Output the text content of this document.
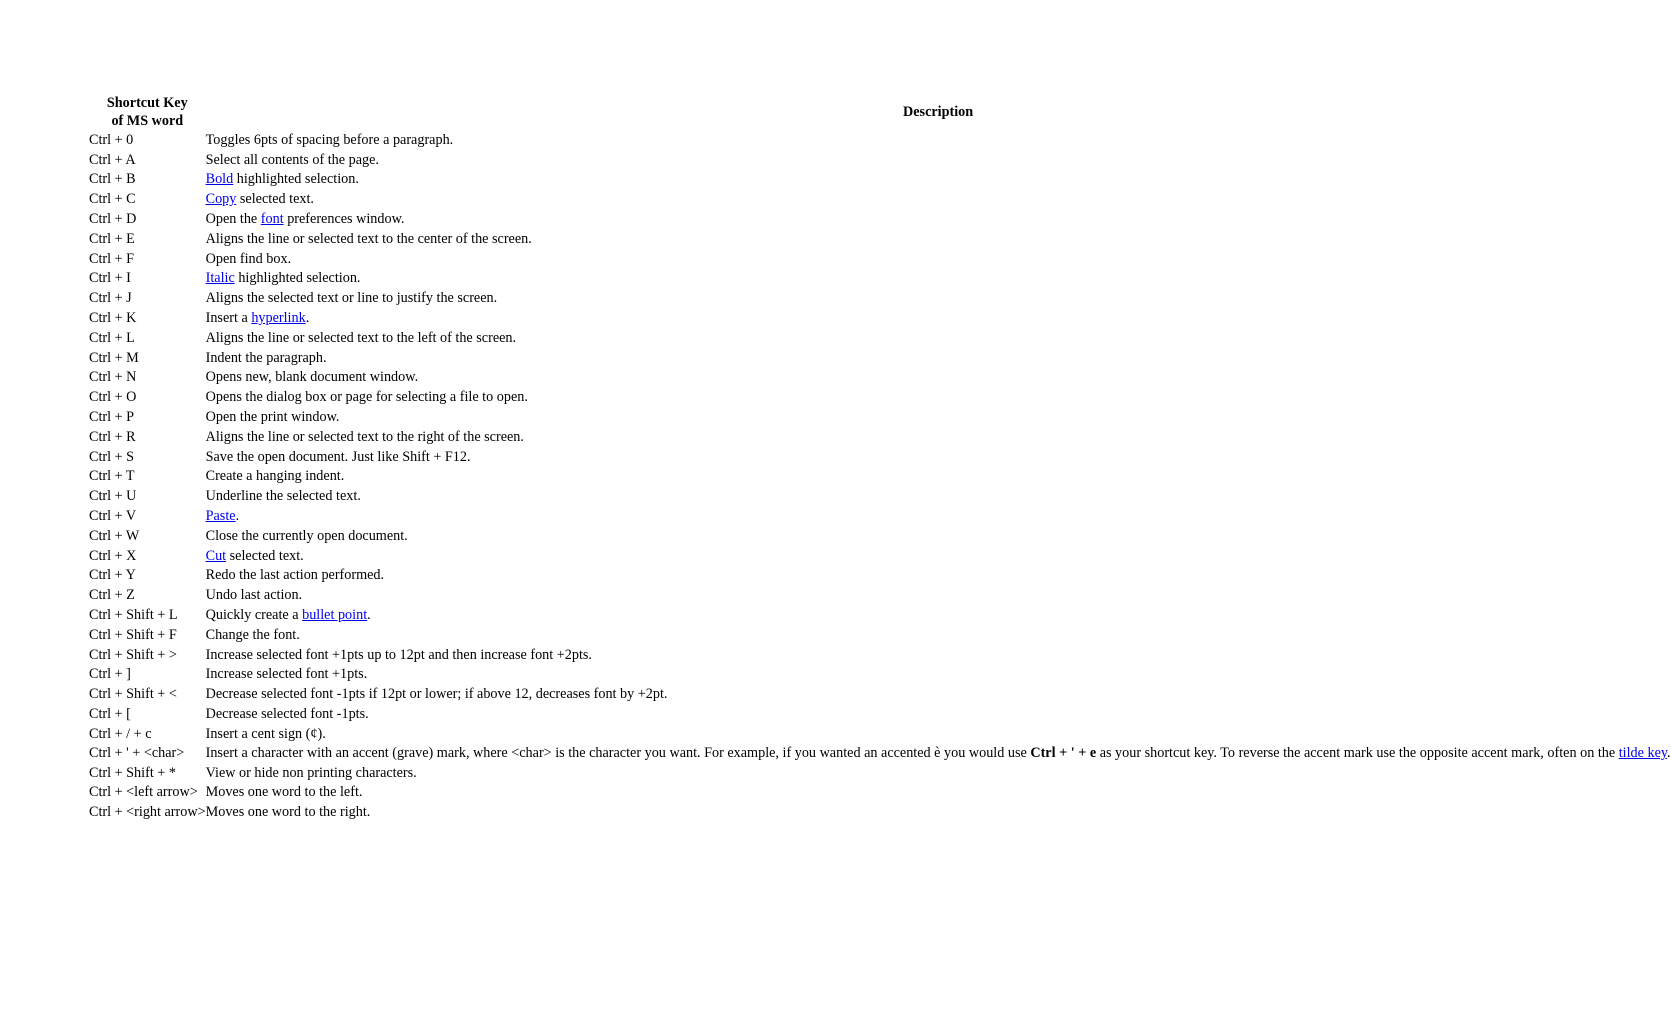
Shortcut Key
of MS word	Description
Ctrl + 0	Toggles 6pts of spacing before a paragraph.
Ctrl + A	Select all contents of the page.
Ctrl + B	Bold highlighted selection.
Ctrl + C	Copy selected text.
Ctrl + D	Open the font preferences window.
Ctrl + E	Aligns the line or selected text to the center of the screen.
Ctrl + F	Open find box.
Ctrl + I	Italic highlighted selection.
Ctrl + J	Aligns the selected text or line to justify the screen.
Ctrl + K	Insert a hyperlink.
Ctrl + L	Aligns the line or selected text to the left of the screen.
Ctrl + M	Indent the paragraph.
Ctrl + N	Opens new, blank document window.
Ctrl + O	Opens the dialog box or page for selecting a file to open.
Ctrl + P	Open the print window.
Ctrl + R	Aligns the line or selected text to the right of the screen.
Ctrl + S	Save the open document. Just like Shift + F12.
Ctrl + T	Create a hanging indent.
Ctrl + U	Underline the selected text.
Ctrl + V	Paste.
Ctrl + W	Close the currently open document.
Ctrl + X	Cut selected text.
Ctrl + Y	Redo the last action performed.
Ctrl + Z	Undo last action.
Ctrl + Shift + L	Quickly create a bullet point.
Ctrl + Shift + F	Change the font.
Ctrl + Shift + >	Increase selected font +1pts up to 12pt and then increase font +2pts.
Ctrl + ]	Increase selected font +1pts.
Ctrl + Shift + <	Decrease selected font -1pts if 12pt or lower; if above 12, decreases font by +2pt.
Ctrl + [	Decrease selected font -1pts.
Ctrl + / + c	Insert a cent sign (¢).
Ctrl + ' + <char>	Insert a character with an accent (grave) mark, where <char> is the character you want. For example, if you wanted an accented è you would use Ctrl + ' + e as your shortcut key. To reverse the accent mark use the opposite accent mark, often on the tilde key.
Ctrl + Shift + *	View or hide non printing characters.
Ctrl + <left arrow>	Moves one word to the left.
Ctrl + <right arrow>	Moves one word to the right.
